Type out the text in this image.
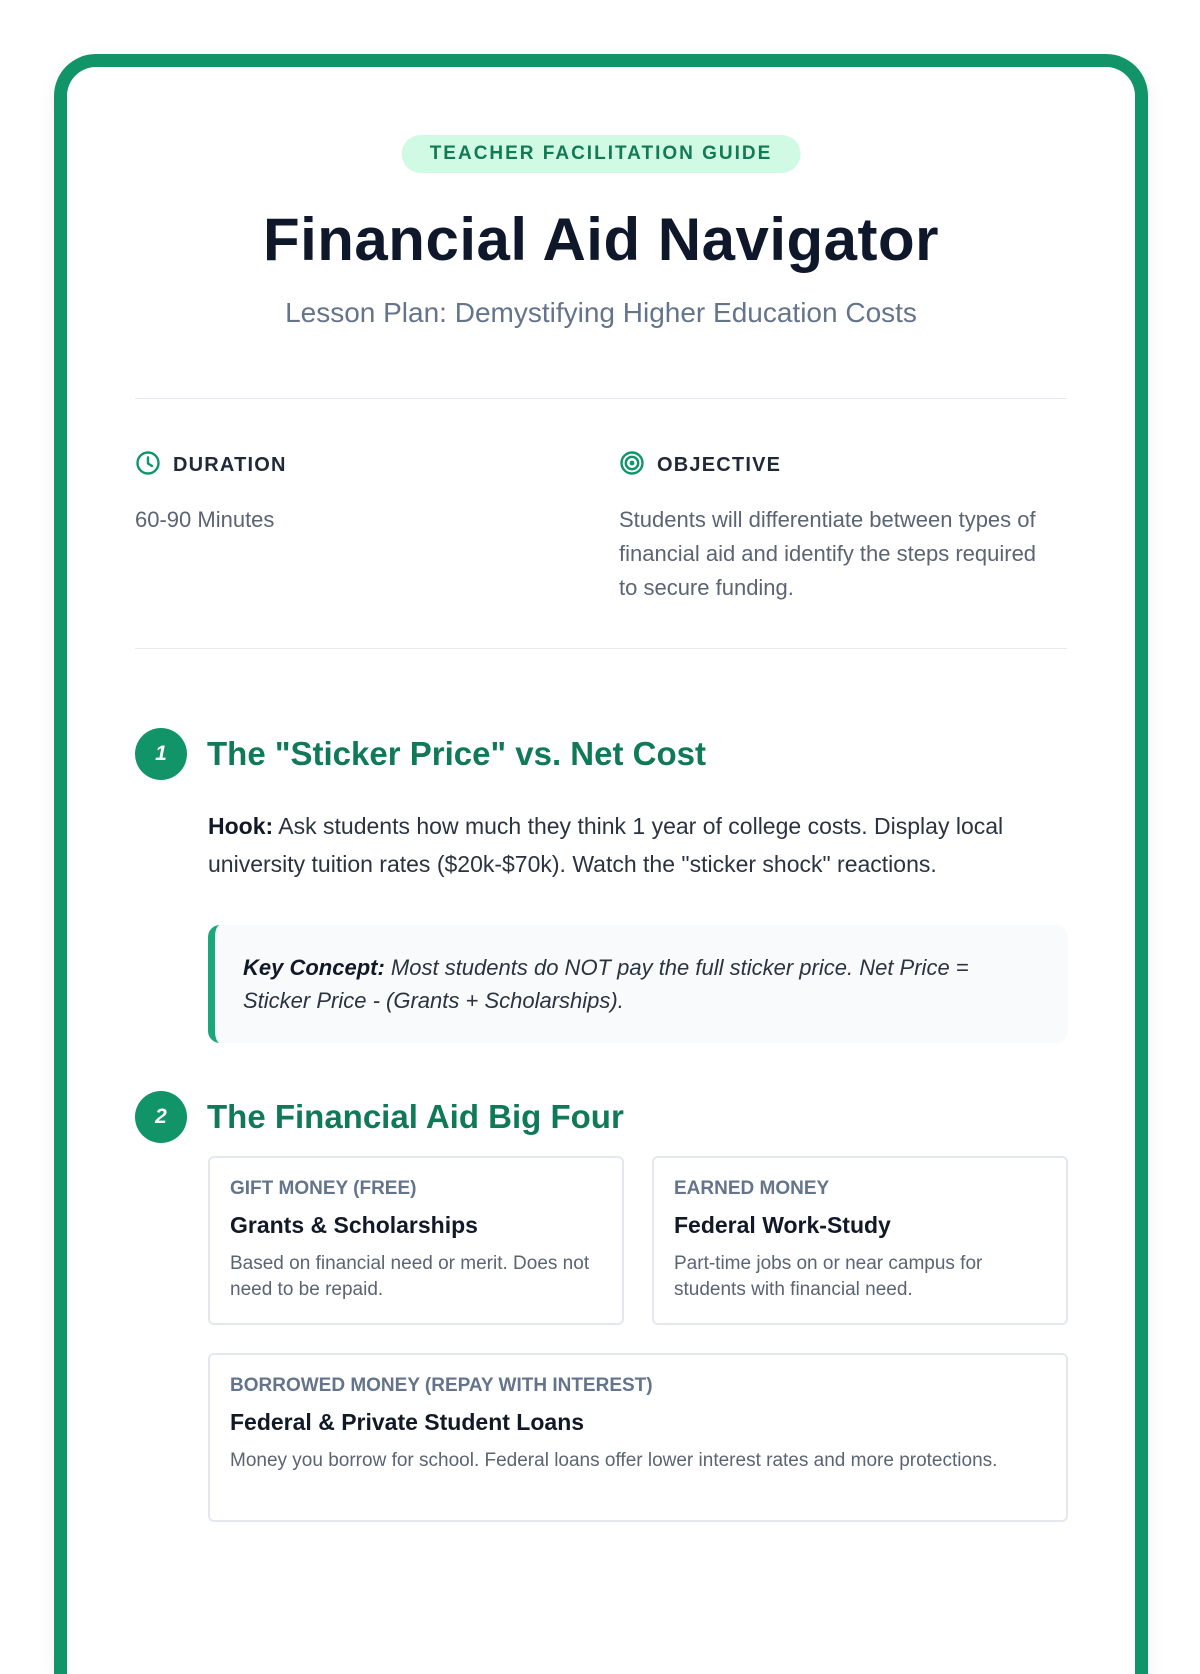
TEACHER FACILITATION GUIDE
Financial Aid Navigator
Lesson Plan: Demystifying Higher Education Costs
DURATION
60-90 Minutes
OBJECTIVE
Students will differentiate between types of financial aid and identify the steps required to secure funding.
1	The "Sticker Price" vs. Net Cost

Hook: Ask students how much they think 1 year of college costs. Display local university tuition rates ($20k-$70k). Watch the "sticker shock" reactions.

Key Concept: Most students do NOT pay the full sticker price. Net Price = Sticker Price - (Grants + Scholarships).
2	The Financial Aid Big Four
GIFT MONEY (FREE)
Grants & Scholarships
Based on financial need or merit. Does not need to be repaid.
EARNED MONEY
Federal Work-Study
Part-time jobs on or near campus for students with financial need.
BORROWED MONEY (REPAY WITH INTEREST)
Federal & Private Student Loans
Money you borrow for school. Federal loans offer lower interest rates and more protections.
